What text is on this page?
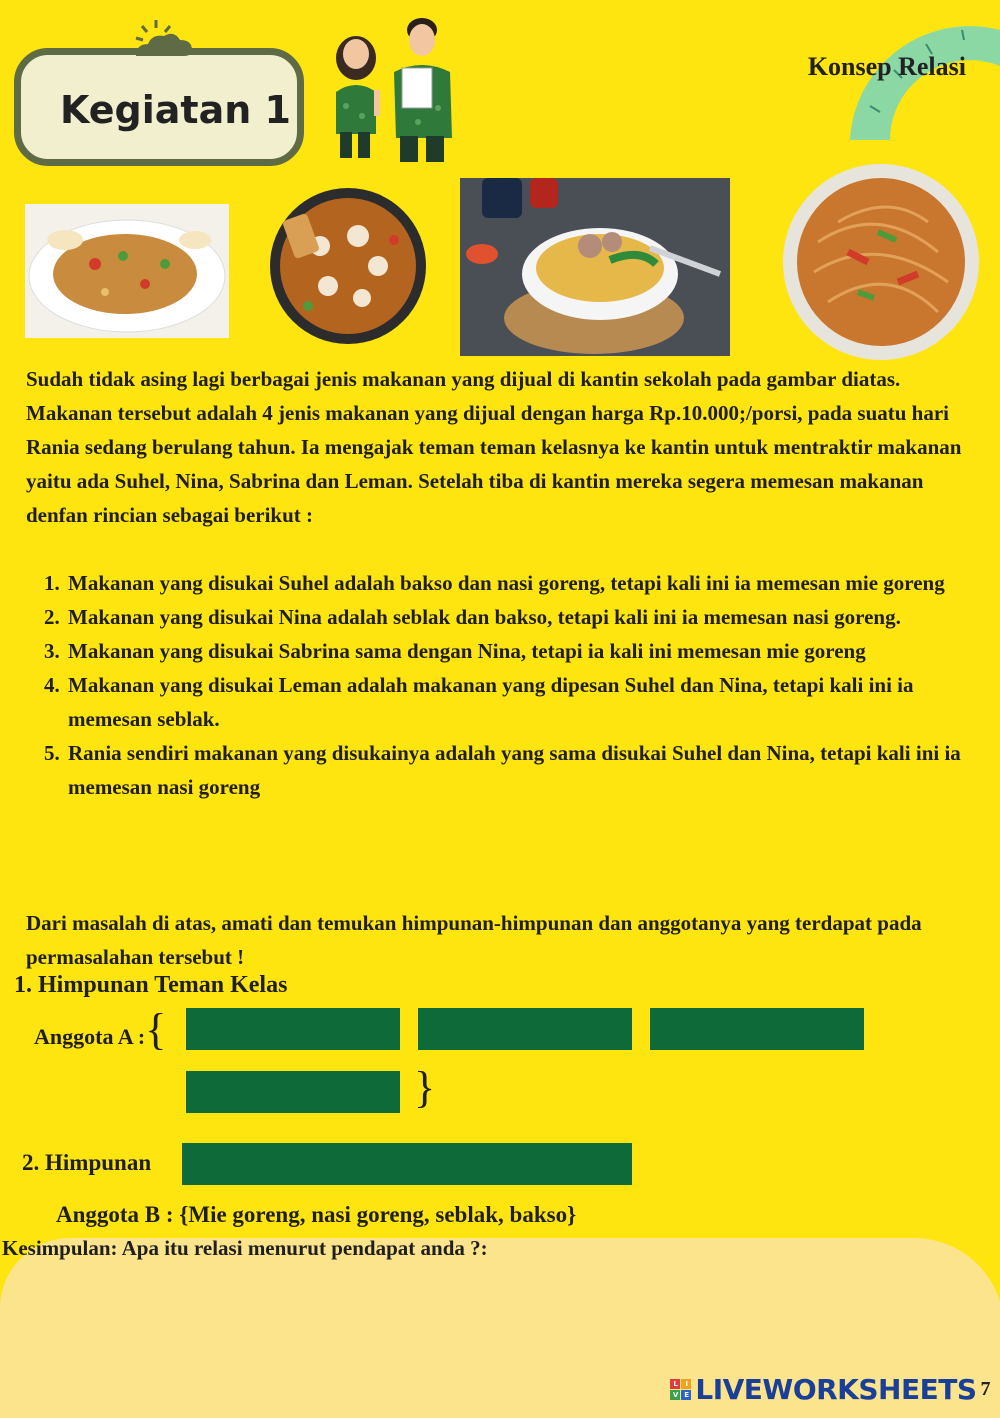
Kegiatan 1
Konsep Relasi
Sudah tidak asing lagi berbagai jenis makanan yang dijual di kantin sekolah pada gambar diatas. Makanan tersebut adalah 4 jenis makanan yang dijual dengan harga Rp.10.000;/porsi, pada suatu hari Rania sedang berulang tahun. Ia mengajak teman teman kelasnya ke kantin untuk mentraktir makanan yaitu ada Suhel, Nina, Sabrina dan Leman. Setelah tiba di kantin mereka segera memesan makanan denfan rincian sebagai berikut :
1. Makanan yang disukai Suhel adalah bakso dan nasi goreng, tetapi kali ini ia memesan mie goreng
2. Makanan yang disukai Nina adalah seblak dan bakso, tetapi kali ini ia memesan nasi goreng.
3. Makanan yang disukai Sabrina sama dengan Nina, tetapi ia kali ini memesan mie goreng
4. Makanan yang disukai Leman adalah makanan yang dipesan Suhel dan Nina, tetapi kali ini ia memesan seblak.
5. Rania sendiri makanan yang disukainya adalah yang sama disukai Suhel dan Nina, tetapi kali ini ia memesan nasi goreng
Dari masalah di atas, amati dan temukan himpunan-himpunan dan anggotanya yang terdapat pada permasalahan tersebut !
1. Himpunan Teman Kelas
Anggota A :{
}
2. Himpunan
Anggota B : {Mie goreng, nasi goreng, seblak, bakso}
Kesimpulan: Apa itu relasi menurut pendapat anda ?:
L	I
V E LIVEWORKSHEETS 7
